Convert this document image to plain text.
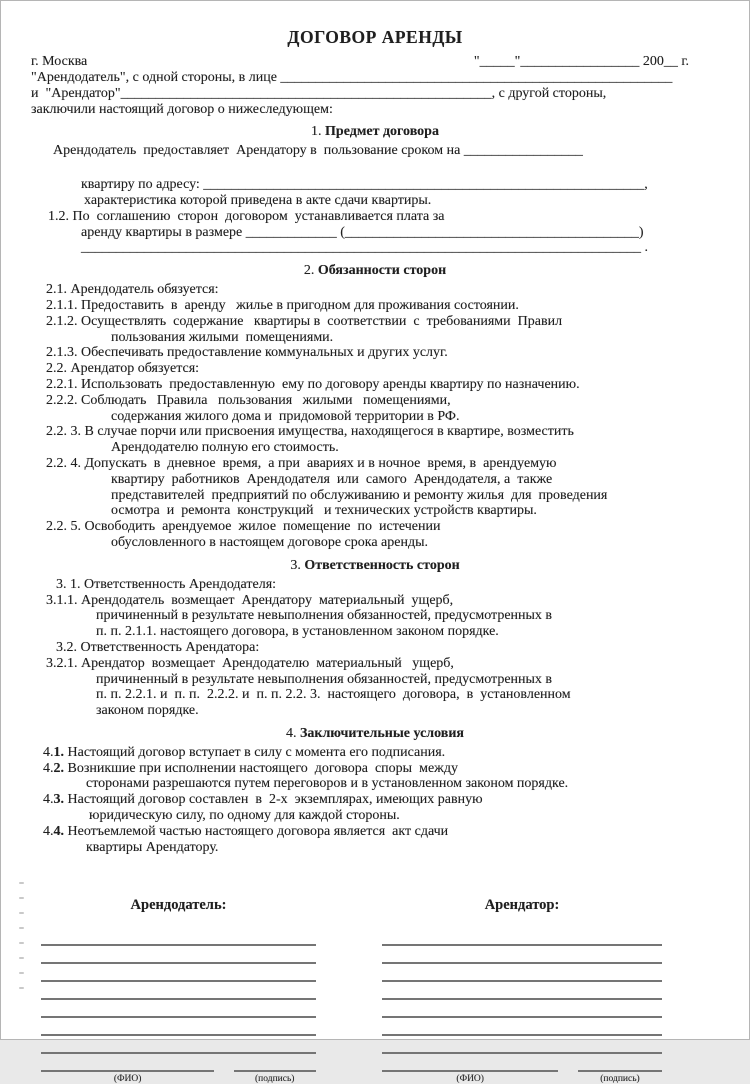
ДОГОВОР АРЕНДЫ
г. Москва	"_____"_________________ 200__ г.
"Арендодатель", с одной стороны, в лице ________________________________________________________
и  "Арендатор"_____________________________________________________, с другой стороны,
заключили настоящий договор о нижеследующем:
1. Предмет договора
Арендодатель  предоставляет  Арендатору в  пользование сроком на _________________
квартиру по адресу: _______________________________________________________________,
характеристика которой приведена в акте сдачи квартиры.
1.2. По  соглашению  сторон  договором  устанавливается плата за
аренду квартиры в размере _____________ (__________________________________________)
________________________________________________________________________________ .
2. Обязанности сторон
2.1. Арендодатель обязуется:
2.1.1. Предоставить  в  аренду   жилье в пригодном для проживания состоянии.
2.1.2. Осуществлять  содержание   квартиры в  соответствии  с  требованиями  Правил
пользования жилыми  помещениями.
2.1.3. Обеспечивать предоставление коммунальных и других услуг.
2.2. Арендатор обязуется:
2.2.1. Использовать  предоставленную  ему по договору аренды квартиру по назначению.
2.2.2. Соблюдать   Правила   пользования   жилыми   помещениями,
содержания жилого дома и  придомовой территории в РФ.
2.2. 3. В случае порчи или присвоения имущества, находящегося в квартире, возместить
Арендодателю полную его стоимость.
2.2. 4. Допускать  в  дневное  время,  а при  авариях и в ночное  время, в  арендуемую
квартиру  работников  Арендодателя  или  самого  Арендодателя, а  также
представителей  предприятий по обслуживанию и ремонту жилья  для  проведения
осмотра  и  ремонта  конструкций   и технических устройств квартиры.
2.2. 5. Освободить  арендуемое  жилое  помещение  по  истечении
обусловленного в настоящем договоре срока аренды.
3. Ответственность сторон
3. 1. Ответственность Арендодателя:
3.1.1. Арендодатель  возмещает  Арендатору  материальный  ущерб,
причиненный в результате невыполнения обязанностей, предусмотренных в
п. п. 2.1.1. настоящего договора, в установленном законом порядке.
3.2. Ответственность Арендатора:
3.2.1. Арендатор  возмещает  Арендодателю  материальный   ущерб,
причиненный в результате невыполнения обязанностей, предусмотренных в
п. п. 2.2.1. и  п. п.  2.2.2. и  п. п. 2.2. 3.  настоящего  договора,  в  установленном
законом порядке.
4. Заключительные условия
4.1. Настоящий договор вступает в силу с момента его подписания.
4.2. Возникшие при исполнении настоящего  договора  споры  между
сторонами разрешаются путем переговоров и в установленном законом порядке.
4.3. Настоящий договор составлен  в  2-х  экземплярах, имеющих равную
юридическую силу, по одному для каждой стороны.
4.4. Неотъемлемой частью настоящего договора является  акт сдачи
квартиры Арендатору.
Арендодатель:
(ФИО)	(подпись)
Арендатор:
(ФИО)	(подпись)
